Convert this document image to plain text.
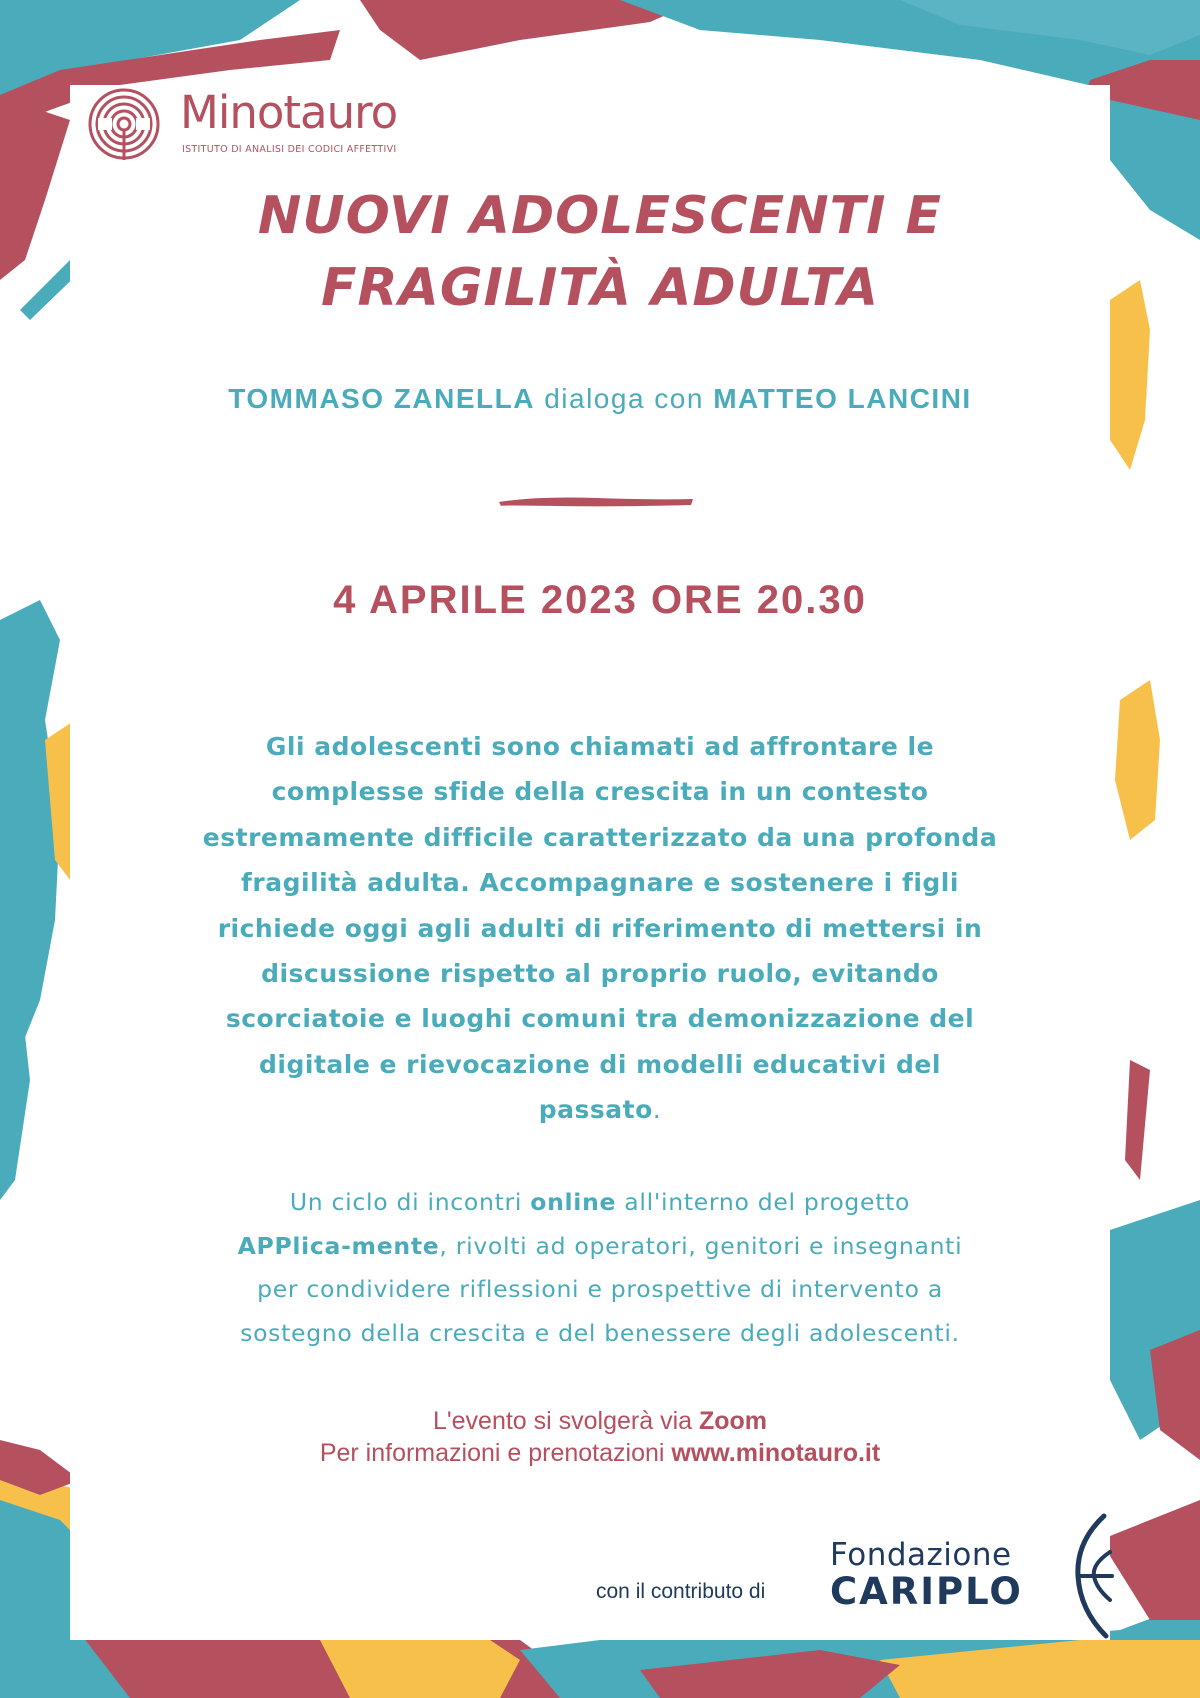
Minotauro
ISTITUTO DI ANALISI DEI CODICI AFFETTIVI
NUOVI ADOLESCENTI E
FRAGILITÀ ADULTA
TOMMASO ZANELLA dialoga con MATTEO LANCINI
4 APRILE 2023 ORE 20.30
Gli adolescenti sono chiamati ad affrontare le
complesse sfide della crescita in un contesto
estremamente difficile caratterizzato da una profonda
fragilità adulta. Accompagnare e sostenere i figli
richiede oggi agli adulti di riferimento di mettersi in
discussione rispetto al proprio ruolo, evitando
scorciatoie e luoghi comuni tra demonizzazione del
digitale e rievocazione di modelli educativi del
passato.
Un ciclo di incontri online all'interno del progetto
APPlica-mente, rivolti ad operatori, genitori e insegnanti
per condividere riflessioni e prospettive di intervento a
sostegno della crescita e del benessere degli adolescenti.
L'evento si svolgerà via Zoom
Per informazioni e prenotazioni www.minotauro.it
con il contributo di
Fondazione
CARIPLO
